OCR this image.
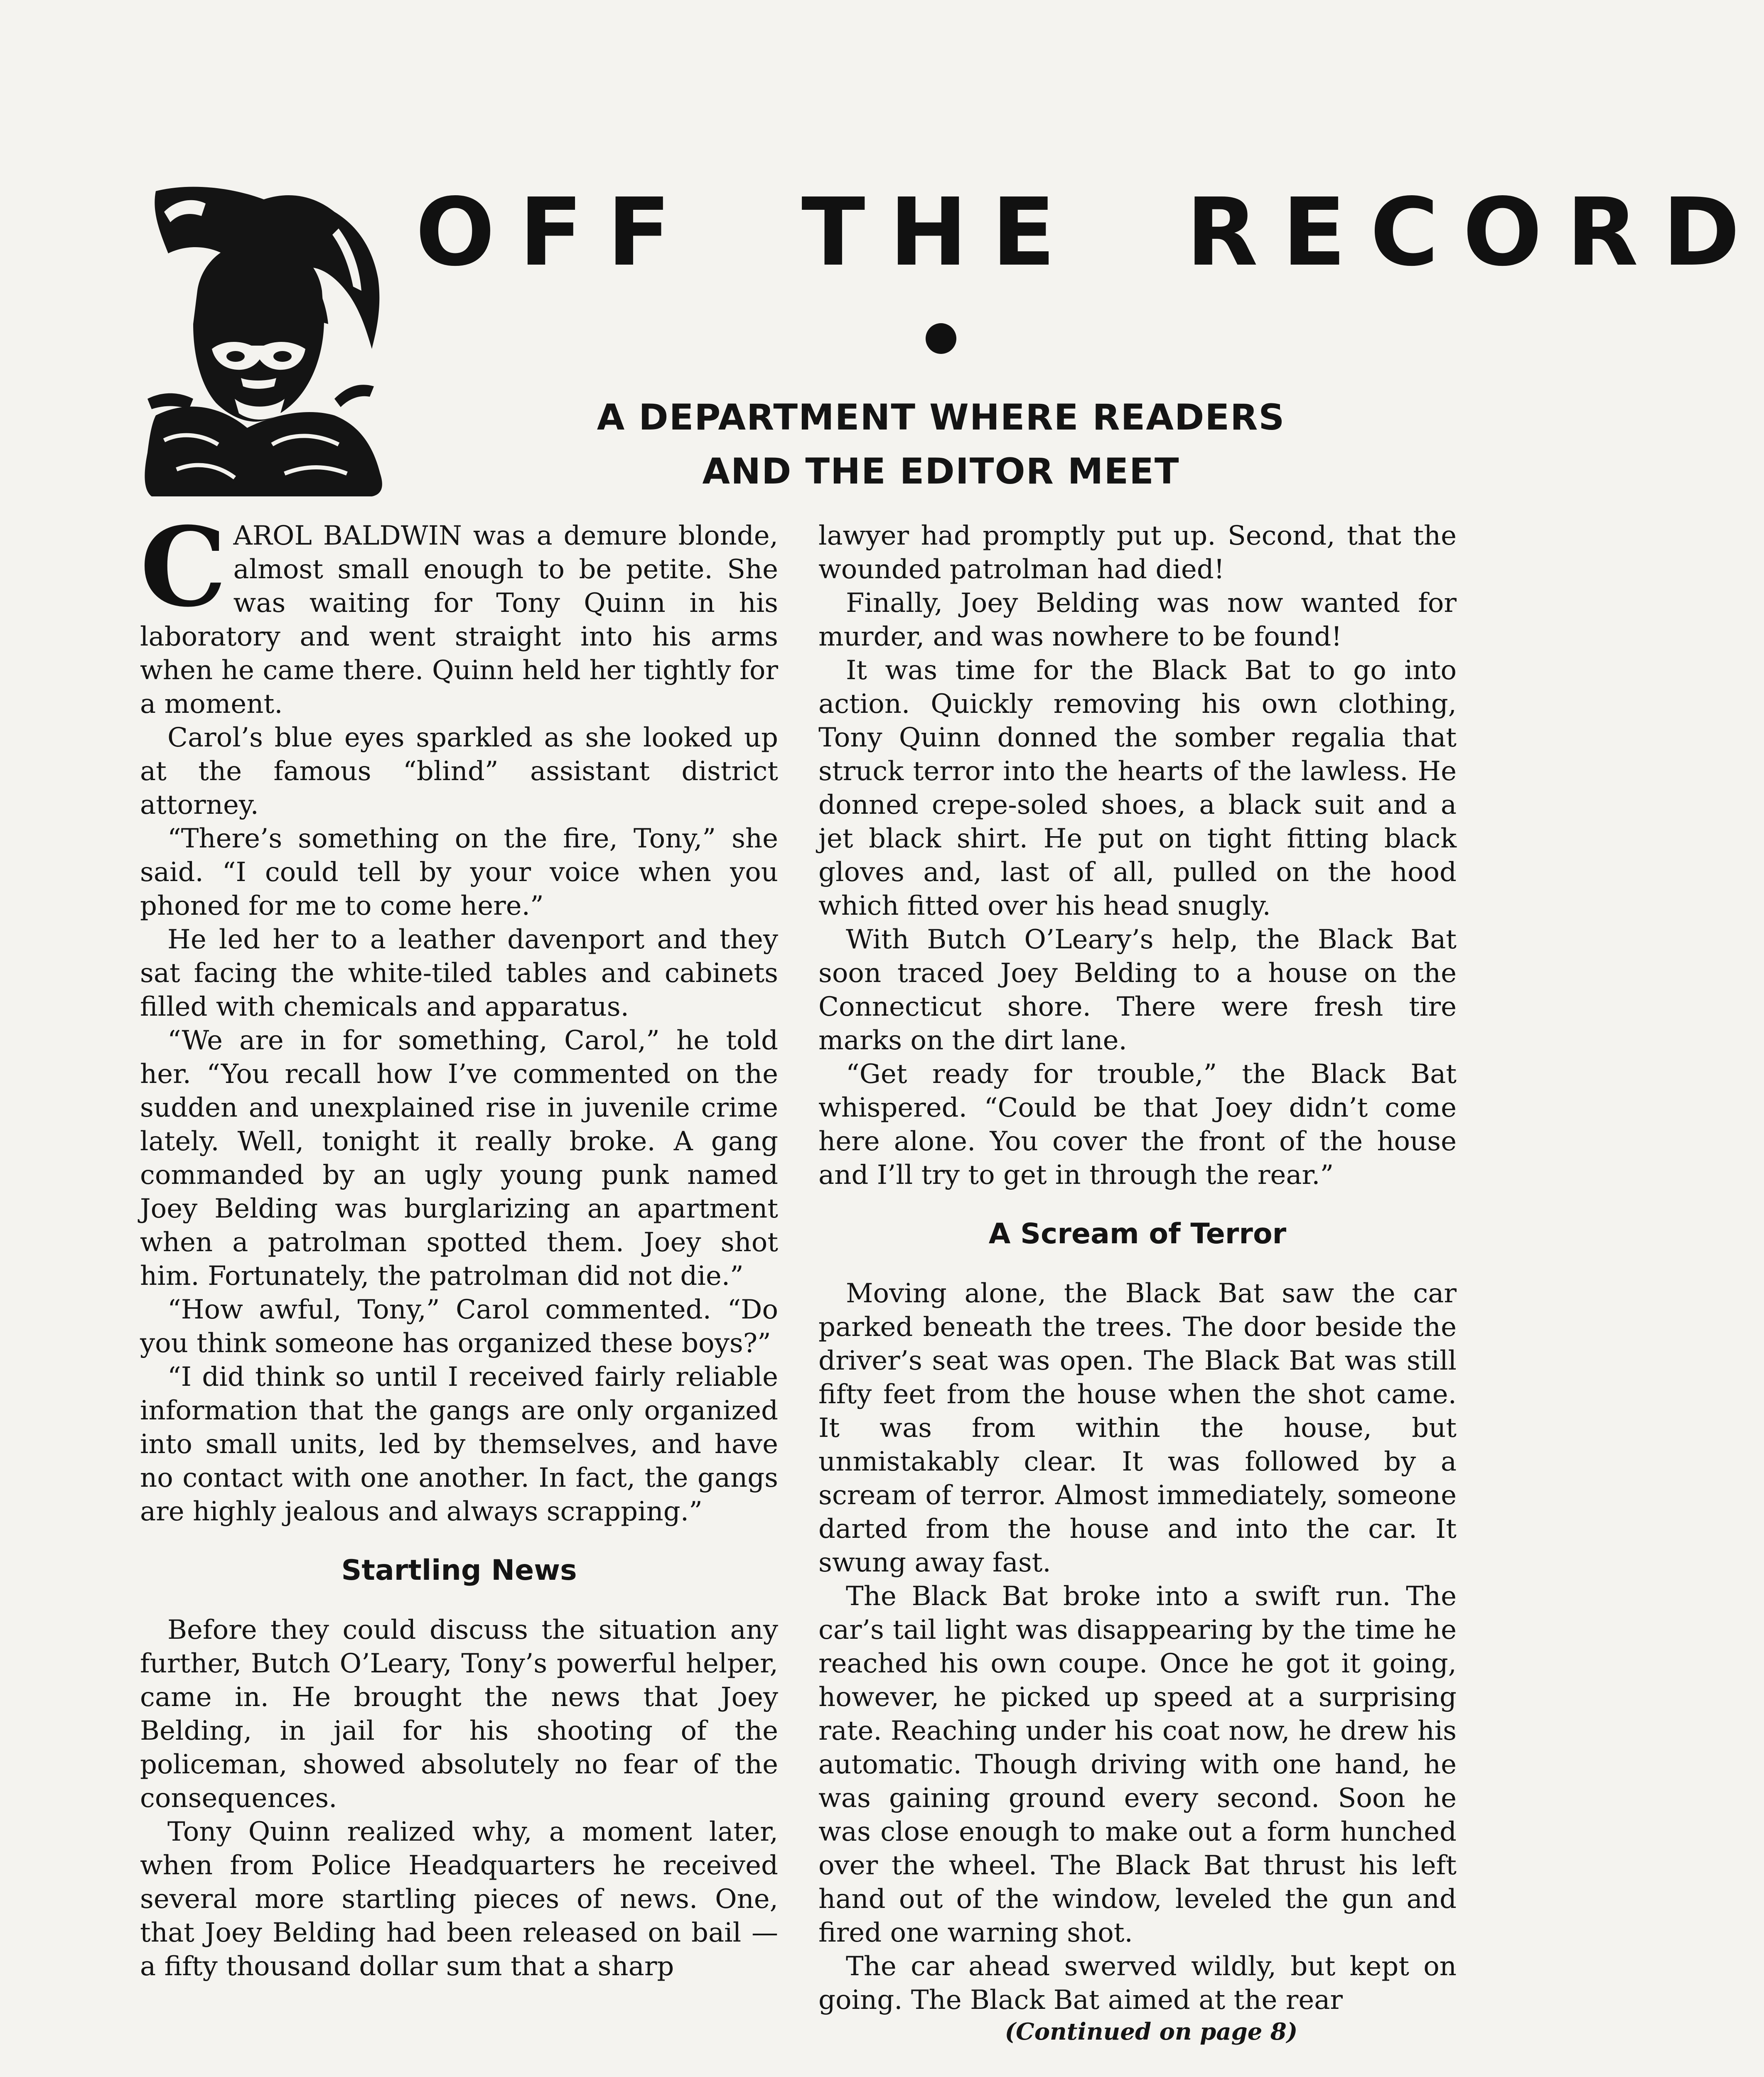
OFF THE RECORD
A DEPARTMENT WHERE READERS
AND THE EDITOR MEET

CAROL BALDWIN was a demure blonde, almost small enough to be petite. She was waiting for Tony Quinn in his laboratory and went straight into his arms when he came there. Quinn held her tightly for a moment.

Carol’s blue eyes sparkled as she looked up at the famous “blind” assistant district attorney.

“There’s something on the fire, Tony,” she said. “I could tell by your voice when you phoned for me to come here.”

He led her to a leather davenport and they sat facing the white-tiled tables and cabinets filled with chemicals and apparatus.

“We are in for something, Carol,” he told her. “You recall how I’ve commented on the sudden and unexplained rise in juvenile crime lately. Well, tonight it really broke. A gang commanded by an ugly young punk named Joey Belding was burglarizing an apartment when a patrolman spotted them. Joey shot him. Fortunately, the patrolman did not die.”

“How awful, Tony,” Carol commented. “Do you think someone has organized these boys?”

“I did think so until I received fairly reliable information that the gangs are only organized into small units, led by themselves, and have no contact with one another. In fact, the gangs are highly jealous and always scrapping.”

Startling News

Before they could discuss the situation any further, Butch O’Leary, Tony’s powerful helper, came in. He brought the news that Joey Belding, in jail for his shooting of the policeman, showed absolutely no fear of the consequences.

Tony Quinn realized why, a moment later, when from Police Headquarters he received several more startling pieces of news. One, that Joey Belding had been released on bail —a fifty thousand dollar sum that a sharp

lawyer had promptly put up. Second, that the wounded patrolman had died!

Finally, Joey Belding was now wanted for murder, and was nowhere to be found!

It was time for the Black Bat to go into action. Quickly removing his own clothing, Tony Quinn donned the somber regalia that struck terror into the hearts of the lawless. He donned crepe-soled shoes, a black suit and a jet black shirt. He put on tight fitting black gloves and, last of all, pulled on the hood which fitted over his head snugly.

With Butch O’Leary’s help, the Black Bat soon traced Joey Belding to a house on the Connecticut shore. There were fresh tire marks on the dirt lane.

“Get ready for trouble,” the Black Bat whispered. “Could be that Joey didn’t come here alone. You cover the front of the house and I’ll try to get in through the rear.”

A Scream of Terror

Moving alone, the Black Bat saw the car parked beneath the trees. The door beside the driver’s seat was open. The Black Bat was still fifty feet from the house when the shot came. It was from within the house, but unmistakably clear. It was followed by a scream of terror. Almost immediately, someone darted from the house and into the car. It swung away fast.

The Black Bat broke into a swift run. The car’s tail light was disappearing by the time he reached his own coupe. Once he got it going, however, he picked up speed at a surprising rate. Reaching under his coat now, he drew his automatic. Though driving with one hand, he was gaining ground every second. Soon he was close enough to make out a form hunched over the wheel. The Black Bat thrust his left hand out of the window, leveled the gun and fired one warning shot.

The car ahead swerved wildly, but kept on going. The Black Bat aimed at the rear

(Continued on page 8)
